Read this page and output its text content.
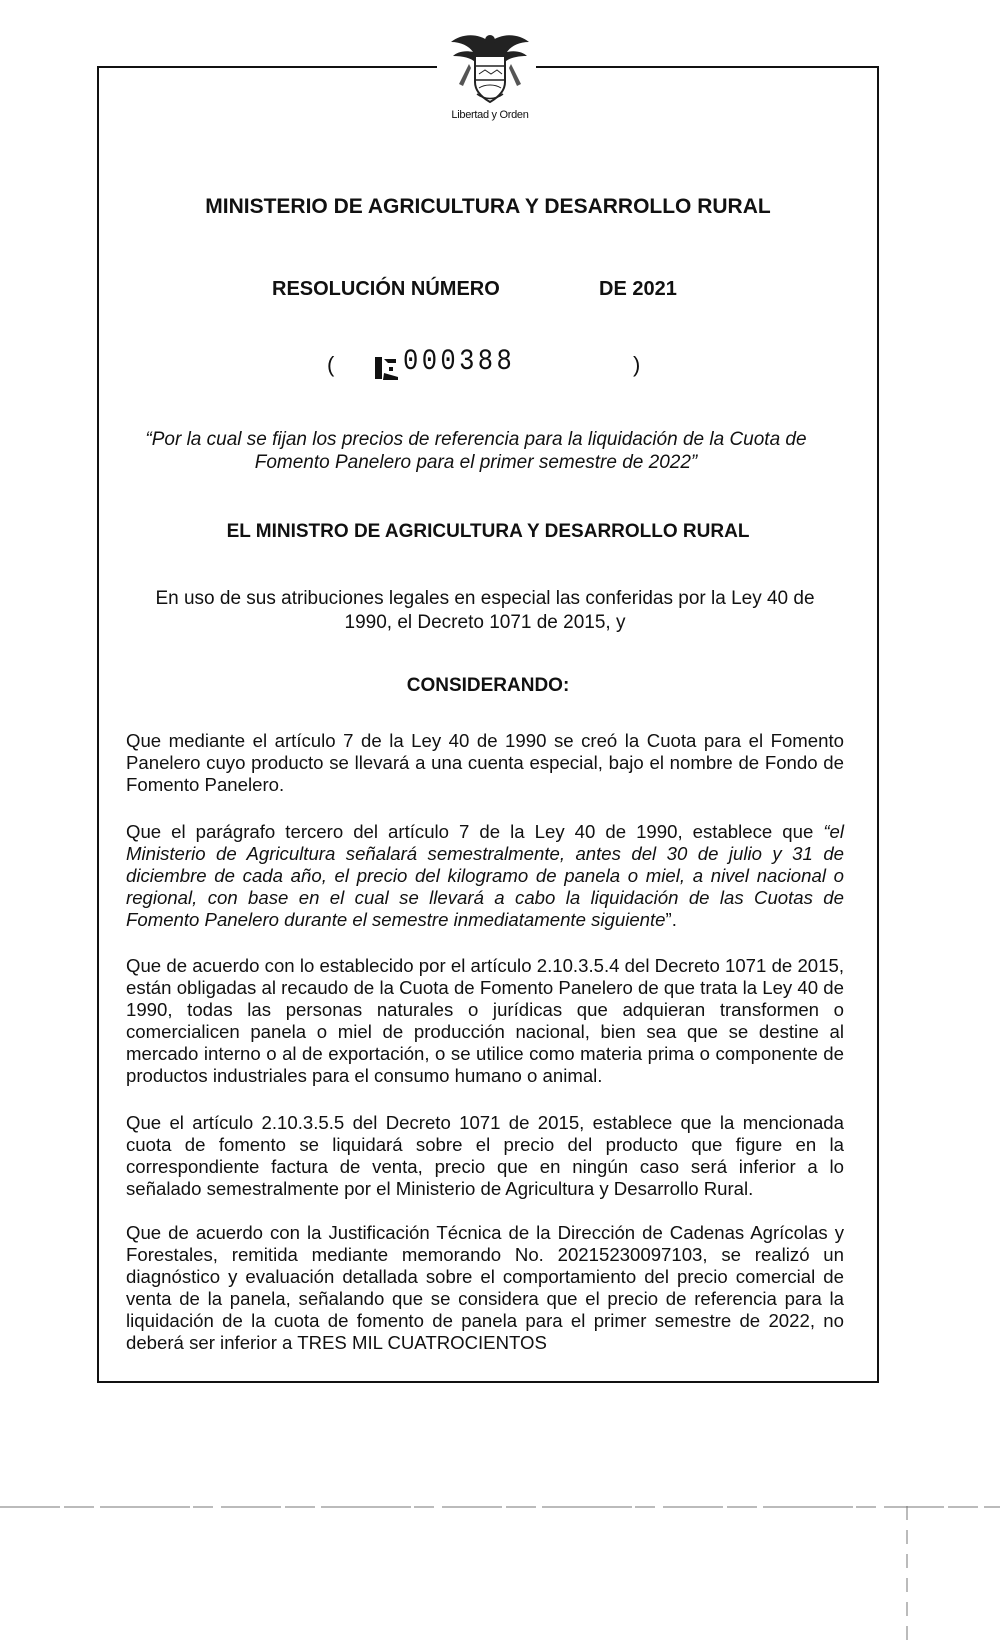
Libertad y Orden
MINISTERIO DE AGRICULTURA Y DESARROLLO RURAL
RESOLUCIÓN NÚMERO	DE 2021
( 000388	)
“Por la cual se fijan los precios de referencia para la liquidación de la Cuota de Fomento Panelero para el primer semestre de 2022”
EL MINISTRO DE AGRICULTURA Y DESARROLLO RURAL
En uso de sus atribuciones legales en especial las conferidas por la Ley 40 de 1990, el Decreto 1071 de 2015, y
CONSIDERANDO:
Que mediante el artículo 7 de la Ley 40 de 1990 se creó la Cuota para el Fomento Panelero cuyo producto se llevará a una cuenta especial, bajo el nombre de Fondo de Fomento Panelero.
Que el parágrafo tercero del artículo 7 de la Ley 40 de 1990, establece que “el Ministerio de Agricultura señalará semestralmente, antes del 30 de julio y 31 de diciembre de cada año, el precio del kilogramo de panela o miel, a nivel nacional o regional, con base en el cual se llevará a cabo la liquidación de las Cuotas de Fomento Panelero durante el semestre inmediatamente siguiente”.
Que de acuerdo con lo establecido por el artículo 2.10.3.5.4 del Decreto 1071 de 2015, están obligadas al recaudo de la Cuota de Fomento Panelero de que trata la Ley 40 de 1990, todas las personas naturales o jurídicas que adquieran transformen o comercialicen panela o miel de producción nacional, bien sea que se destine al mercado interno o al de exportación, o se utilice como materia prima o componente de productos industriales para el consumo humano o animal.
Que el artículo 2.10.3.5.5 del Decreto 1071 de 2015, establece que la mencionada cuota de fomento se liquidará sobre el precio del producto que figure en la correspondiente factura de venta, precio que en ningún caso será inferior a lo señalado semestralmente por el Ministerio de Agricultura y Desarrollo Rural.
Que de acuerdo con la Justificación Técnica de la Dirección de Cadenas Agrícolas y Forestales, remitida mediante memorando No. 20215230097103, se realizó un diagnóstico y evaluación detallada sobre el comportamiento del precio comercial de venta de la panela, señalando que se considera que el precio de referencia para la liquidación de la cuota de fomento de panela para el primer semestre de 2022, no deberá ser inferior a TRES MIL CUATROCIENTOS
